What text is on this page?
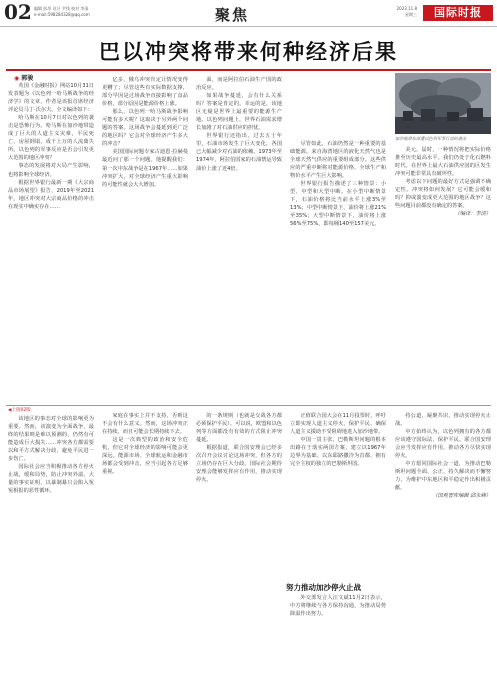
02 编辑 彭昂 设计 尹钱 校对 李清
e-mail:598284328@qq.com	聚焦	2023.11.8
星期三	国际时报
巴以冲突将带来何种经济后果
◉ 郭骏

英国《金融时报》网站10月31日发表题为《以色列一哈马斯战争的经济学》的文章，作者是该报首席经济评论员马丁·沃尔夫。全文编译如下：

哈马斯在10月7日对以色列的袭击是恐怖行为。哈马斯在加沙地带造成了巨大的人道主义灾难，平民死亡、房屋倒塌，成千上万的人流离失所。以色列的军事反应是否会引发更大范围的地区冲突？

事态的发展将对大局产生影响，也将影响全球经济。

根据世界银行最新一期《大宗商品市场展望》报告，2019年至2021年，地区冲突对大宗商品价格的冲击在现实中确实存在……

亿多，俄乌冲突肯定让情况变得更糟了；尽管这些有实际数据支撑，部分早因是过场战争直接影响了食品价格，部分原因是能源价格上涨。

那么，以色列一哈马斯战争影响可能有多大呢？这取决于另外两个问题的答案。这场战争会蔓延到更广泛的地区吗？它会对全球经济产生多大的冲击？

美国国际问题专家古迪恩·拉赫曼最近问了那一个问题。他提醒我们：第一次中东战争是在1967年……如果冲突扩大，对全球经济产生重大影响的可能性就会大大增加。

面，而是阿拉伯石油生产国的政治反应。

如果战争蔓延，会有什么关系吗？答案是肯定的。幸运的是，该地区无疑是世界上最重要的能源生产地。以色列问题上，世界石油需求增长加剧了对石油供应的担忧。

世界银行还指出，过去五十年里，石油市场发生了巨大变化，各国已大幅减少对石油的依赖。1973年至1974年，阿拉伯国家的石油禁运导致油价上涨了近4倍。

尽管如此，石油仍然是一种重要的基础能源。来自海湾地区的液化天然气也是全球天然气供应的重要组成部分。这些供应的严重中断将对能源价格、全球生产和物价水平产生巨大影响。

世界银行报告描述了三种情景：小型、中型和大型中断。在小型中断情景下，石油价格将比当前水平上涨3%至13%；中型中断情景下，油价将上涨21%至35%；大型中断情景下，油价将上涨56%至75%，即每桶140至157美元。

美元。届时，一种情况将把实际价格推至历史最高水平。我们仍处于化石燃料时代。在世界上最大石油供应国的区发生冲突可能非常具有破坏性。

考虑以下问题的最好方式是强调不确定性。冲突将如何发展？它可能会缓和吗？抑或演变成更大范围的地区战争？这些问题目前都没有确定的答案。

（编译：李清）

加沙地带东部遭以色列军事行动的袭击
◀上接02版

该地区的事态对全球的影响更为重要。然而，该演变为全面战争，最终的结果则是难以预测的，仍然有可能造成巨大损失……冲突各方都需要以和平方式解决分歧，避免平民进一步伤亡。

国际社会应当积极推动各方停火止战，缓和局势，防止冲突外溢。大量的事实证明，以暴制暴只会陷入冤冤相报的恶性循环。

家庭在事实上并不支持，否则这不会有什么意义。然而，这场冲突正在持续，而且可能会长期持续下去。

这是一次典型的政治和安全危机，但它对全球经济的影响可能会更深远。能源市场、全球航运和金融市场都会受到冲击，应当引起各方足够重视。

的一条规则（也就是交战各方都必须保护平民）。可以说，欧盟和以色列等方面都没有有效的方式阻止冲突蔓延。

根据报道，联合国安理会已经多次召开会议讨论这场冲突，但各方的立场仍存在巨大分歧。国际社会期待安理会能够发挥应有作用，推动实现停火。

正值联合国大会在11月投票时，呼吁立即实现人道主义停火，保护平民，确保人道主义援助不受阻碍地进入加沙地带。

中国一贯主张，巴勒斯坦问题的根本出路在于落实两国方案，建立以1967年边界为基础、以东耶路撒冷为首都、拥有完全主权的独立的巴勒斯坦国。

努力推动加沙停火止战

外交部发言人汪文斌11月2日表示，中方将继续与各方保持沟通，为推动局势降温作出努力。

持公道，凝聚共识，推动实现停火止战。

中方始终认为，以色列拥有的各方都应该遵守国际法，保护平民。联合国安理会应当发挥应有作用，推动各方尽快实现停火。

中方愿同国际社会一道，为推动巴勒斯坦问题全面、公正、持久解决而不懈努力，为维护中东地区和平稳定作出积极贡献。

（国观智库编辑 邱永峰）
